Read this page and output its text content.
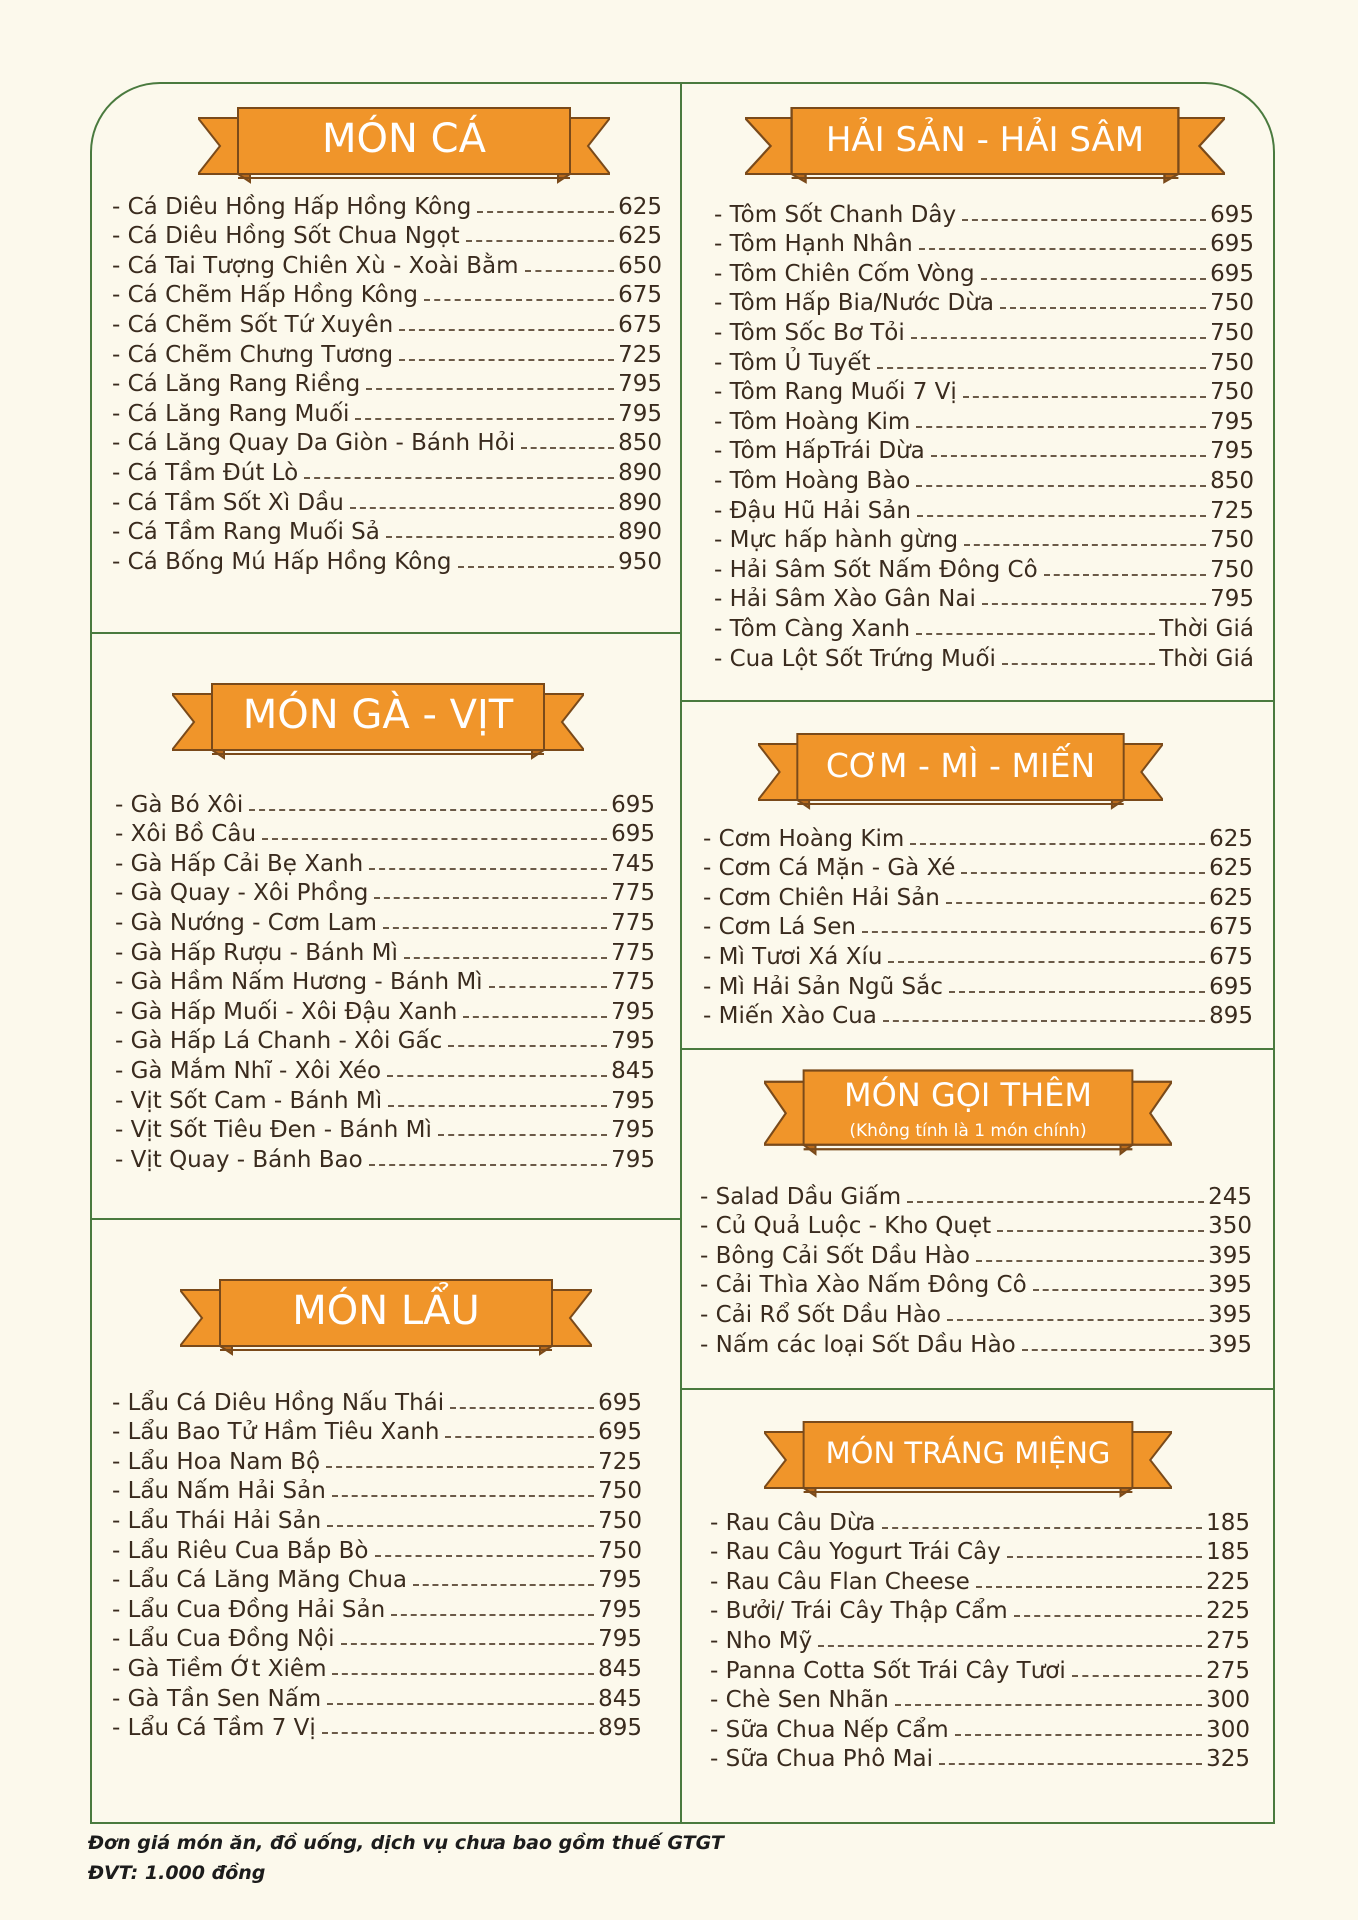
MÓN CÁ
- Cá Diêu Hồng Hấp Hồng Kông	625
- Cá Diêu Hồng Sốt Chua Ngọt	625
- Cá Tai Tượng Chiên Xù - Xoài Bằm	650
- Cá Chẽm Hấp Hồng Kông	675
- Cá Chẽm Sốt Tứ Xuyên	675
- Cá Chẽm Chưng Tương	725
- Cá Lăng Rang Riềng	795
- Cá Lăng Rang Muối	795
- Cá Lăng Quay Da Giòn - Bánh Hỏi	850
- Cá Tầm Đút Lò	890
- Cá Tầm Sốt Xì Dầu	890
- Cá Tầm Rang Muối Sả	890
- Cá Bống Mú Hấp Hồng Kông	950
MÓN GÀ - VỊT
- Gà Bó Xôi	695
- Xôi Bồ Câu	695
- Gà Hấp Cải Bẹ Xanh	745
- Gà Quay - Xôi Phồng	775
- Gà Nướng - Cơm Lam	775
- Gà Hấp Rượu - Bánh Mì	775
- Gà Hầm Nấm Hương - Bánh Mì	775
- Gà Hấp Muối - Xôi Đậu Xanh	795
- Gà Hấp Lá Chanh - Xôi Gấc	795
- Gà Mắm Nhĩ - Xôi Xéo	845
- Vịt Sốt Cam - Bánh Mì	795
- Vịt Sốt Tiêu Đen - Bánh Mì	795
- Vịt Quay - Bánh Bao	795
MÓN LẨU
- Lẩu Cá Diêu Hồng Nấu Thái	695
- Lẩu Bao Tử Hầm Tiêu Xanh	695
- Lẩu Hoa Nam Bộ	725
- Lẩu Nấm Hải Sản	750
- Lẩu Thái Hải Sản	750
- Lẩu Riêu Cua Bắp Bò	750
- Lẩu Cá Lăng Măng Chua	795
- Lẩu Cua Đồng Hải Sản	795
- Lẩu Cua Đồng Nội	795
- Gà Tiềm Ớt Xiêm	845
- Gà Tần Sen Nấm	845
- Lẩu Cá Tầm 7 Vị	895
HẢI SẢN - HẢI SÂM
- Tôm Sốt Chanh Dây	695
- Tôm Hạnh Nhân	695
- Tôm Chiên Cốm Vòng	695
- Tôm Hấp Bia/Nước Dừa	750
- Tôm Sốc Bơ Tỏi	750
- Tôm Ủ Tuyết	750
- Tôm Rang Muối 7 Vị	750
- Tôm Hoàng Kim	795
- Tôm HấpTrái Dừa	795
- Tôm Hoàng Bào	850
- Đậu Hũ Hải Sản	725
- Mực hấp hành gừng	750
- Hải Sâm Sốt Nấm Đông Cô	750
- Hải Sâm Xào Gân Nai	795
- Tôm Càng Xanh	Thời Giá
- Cua Lột Sốt Trứng Muối	Thời Giá
CƠM - MÌ - MIẾN
- Cơm Hoàng Kim	625
- Cơm Cá Mặn - Gà Xé	625
- Cơm Chiên Hải Sản	625
- Cơm Lá Sen	675
- Mì Tươi Xá Xíu	675
- Mì Hải Sản Ngũ Sắc	695
- Miến Xào Cua	895
MÓN GỌI THÊM
(Không tính là 1 món chính)
- Salad Dầu Giấm	245
- Củ Quả Luộc - Kho Quẹt	350
- Bông Cải Sốt Dầu Hào	395
- Cải Thìa Xào Nấm Đông Cô	395
- Cải Rổ Sốt Dầu Hào	395
- Nấm các loại Sốt Dầu Hào	395
MÓN TRÁNG MIỆNG
- Rau Câu Dừa	185
- Rau Câu Yogurt Trái Cây	185
- Rau Câu Flan Cheese	225
- Bưởi/ Trái Cây Thập Cẩm	225
- Nho Mỹ	275
- Panna Cotta Sốt Trái Cây Tươi	275
- Chè Sen Nhãn	300
- Sữa Chua Nếp Cẩm	300
- Sữa Chua Phô Mai	325
Đơn giá món ăn, đồ uống, dịch vụ chưa bao gồm thuế GTGT
ĐVT: 1.000 đồng
